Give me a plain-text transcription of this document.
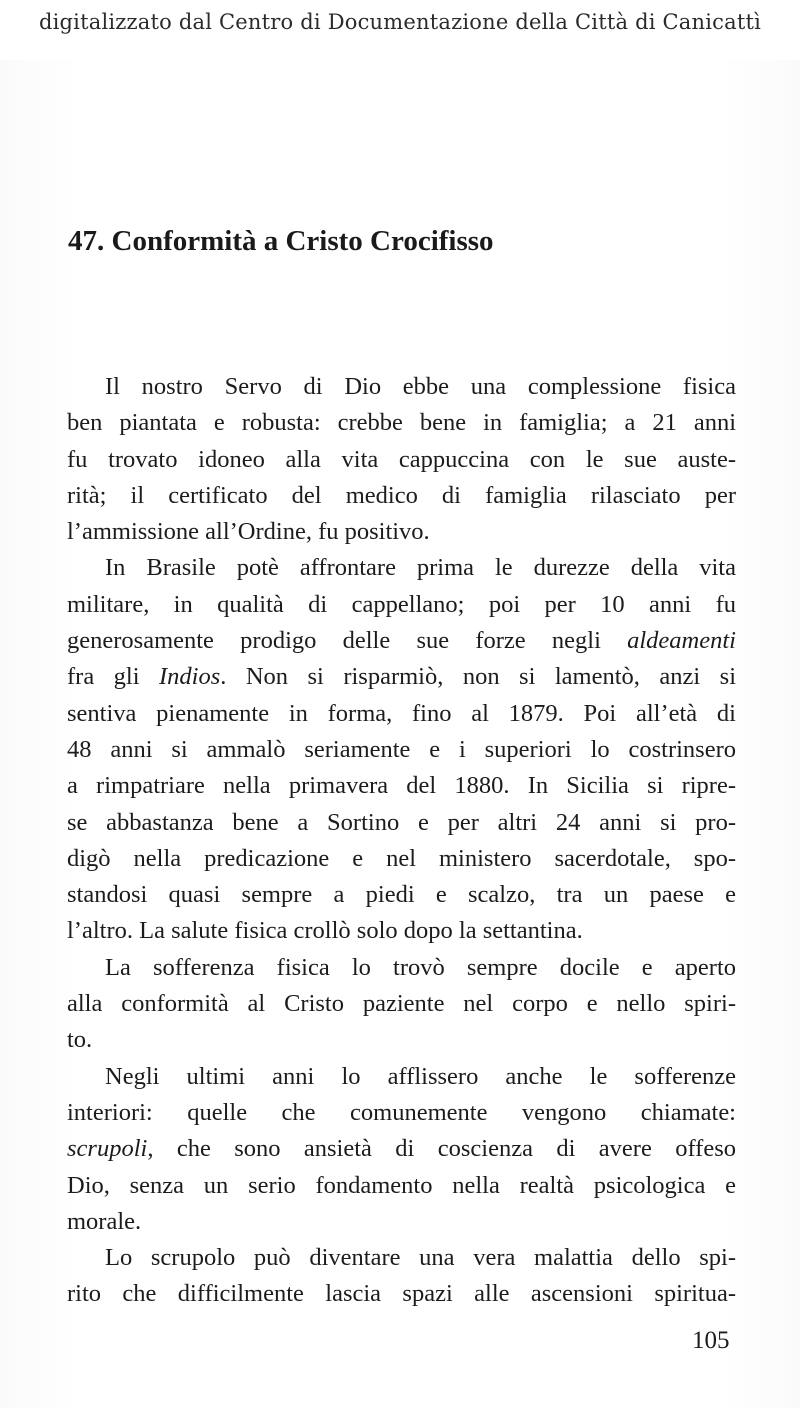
digitalizzato dal Centro di Documentazione della Città di Canicattì
47. Conformità a Cristo Crocifisso

Il nostro Servo di Dio ebbe una complessione fisica
ben piantata e robusta: crebbe bene in famiglia; a 21 anni
fu trovato idoneo alla vita cappuccina con le sue auste-
rità; il certificato del medico di famiglia rilasciato per
l’ammissione all’Ordine, fu positivo.

In Brasile potè affrontare prima le durezze della vita
militare, in qualità di cappellano; poi per 10 anni fu
generosamente prodigo delle sue forze negli aldeamenti
fra gli Indios. Non si risparmiò, non si lamentò, anzi si
sentiva pienamente in forma, fino al 1879. Poi all’età di
48 anni si ammalò seriamente e i superiori lo costrinsero
a rimpatriare nella primavera del 1880. In Sicilia si ripre-
se abbastanza bene a Sortino e per altri 24 anni si pro-
digò nella predicazione e nel ministero sacerdotale, spo-
standosi quasi sempre a piedi e scalzo, tra un paese e
l’altro. La salute fisica crollò solo dopo la settantina.

La sofferenza fisica lo trovò sempre docile e aperto
alla conformità al Cristo paziente nel corpo e nello spiri-
to.

Negli ultimi anni lo afflissero anche le sofferenze
interiori: quelle che comunemente vengono chiamate:
scrupoli, che sono ansietà di coscienza di avere offeso
Dio, senza un serio fondamento nella realtà psicologica e
morale.

Lo scrupolo può diventare una vera malattia dello spi-
rito che difficilmente lascia spazi alle ascensioni spiritua-

105
